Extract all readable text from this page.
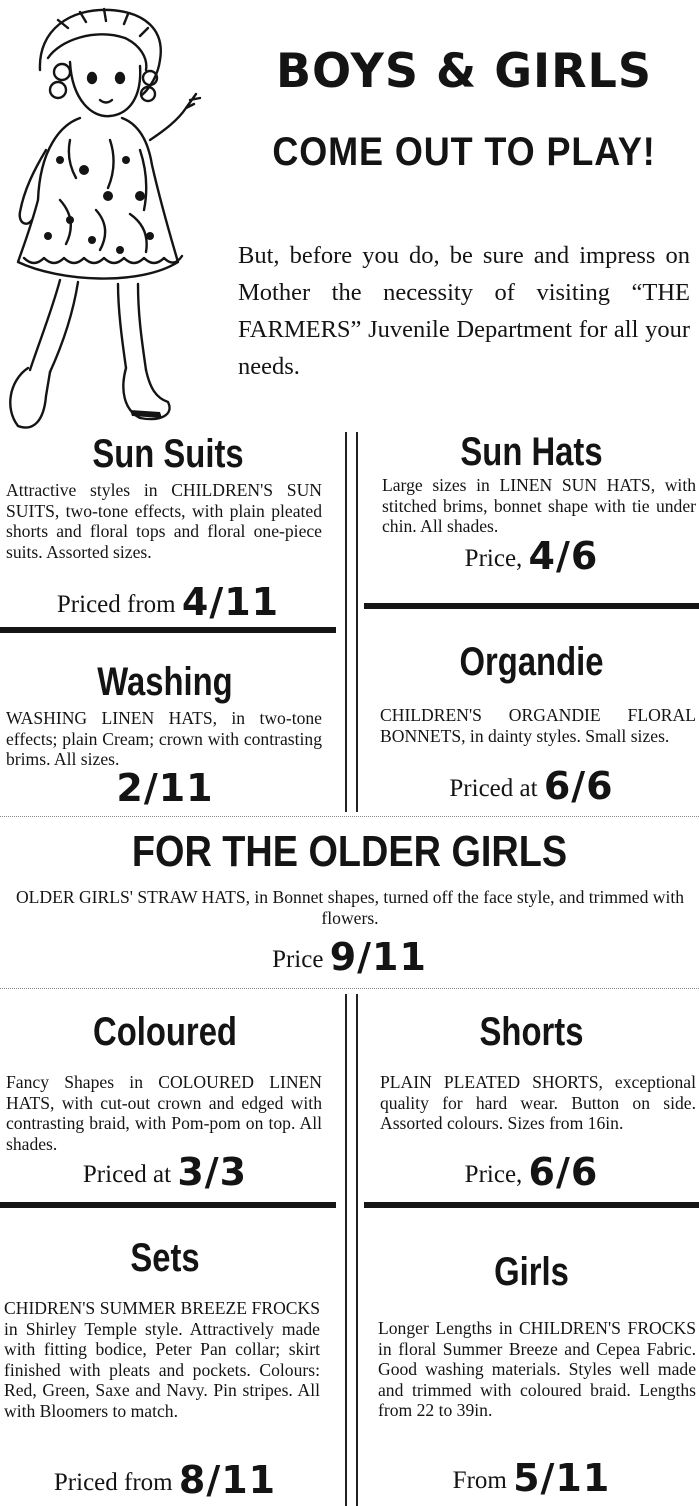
BOYS & GIRLS
COME OUT TO PLAY!
But, before you do, be sure and impress on Mother the necessity of visiting “THE FARMERS” Juvenile Department for all your needs.
Sun Suits
Attractive styles in CHILDREN'S SUN SUITS, two-tone effects, with plain pleated shorts and floral tops and floral one-piece suits. Assorted sizes.
Priced from 4/11
Sun Hats
Large sizes in LINEN SUN HATS, with stitched brims, bonnet shape with tie under chin. All shades.
Price, 4/6
Washing
WASHING LINEN HATS, in two-tone effects; plain Cream; crown with contrasting brims. All sizes.
2/11
Organdie
CHILDREN'S ORGANDIE FLORAL BONNETS, in dainty styles. Small sizes.
Priced at 6/6
FOR THE OLDER GIRLS
OLDER GIRLS' STRAW HATS, in Bonnet shapes, turned off the face style, and trimmed with flowers.
Price 9/11
Coloured
Fancy Shapes in COLOURED LINEN HATS, with cut-out crown and edged with contrasting braid, with Pom-pom on top. All shades.
Priced at 3/3
Shorts
PLAIN PLEATED SHORTS, exceptional quality for hard wear. Button on side. Assorted colours. Sizes from 16in.
Price, 6/6
Sets
CHIDREN'S SUMMER BREEZE FROCKS in Shirley Temple style. Attractively made with fitting bodice, Peter Pan collar; skirt finished with pleats and pockets. Colours: Red, Green, Saxe and Navy. Pin stripes. All with Bloomers to match.
Priced from 8/11
Girls
Longer Lengths in CHILDREN'S FROCKS in floral Summer Breeze and Cepea Fabric. Good washing materials. Styles well made and trimmed with coloured braid. Lengths from 22 to 39in.
From 5/11
